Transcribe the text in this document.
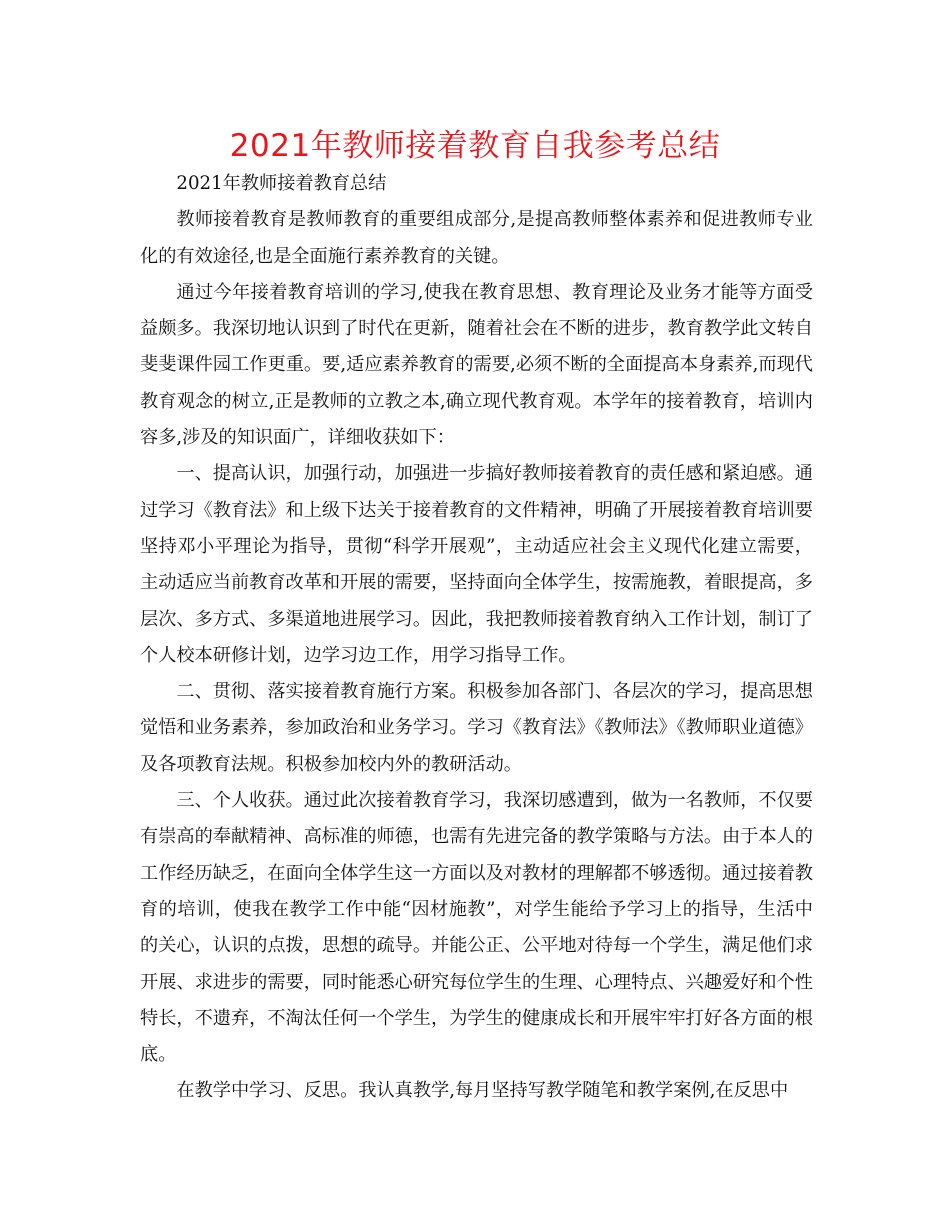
2021年教师接着教育自我参考总结

2021年教师接着教育总结

教师接着教育是教师教育的重要组成部分,是提高教师整体素养和促进教师专业化的有效途径,也是全面施行素养教育的关键。

通过今年接着教育培训的学习,使我在教育思想、教育理论及业务才能等方面受益颇多。我深切地认识到了时代在更新，随着社会在不断的进步，教育教学此文转自斐斐课件园工作更重。要,适应素养教育的需要,必须不断的全面提高本身素养,而现代教育观念的树立,正是教师的立教之本,确立现代教育观。本学年的接着教育，培训内容多,涉及的知识面广，详细收获如下：

一、提高认识，加强行动，加强进一步搞好教师接着教育的责任感和紧迫感。通过学习《教育法》和上级下达关于接着教育的文件精神，明确了开展接着教育培训要坚持邓小平理论为指导，贯彻“科学开展观”，主动适应社会主义现代化建立需要，主动适应当前教育改革和开展的需要，坚持面向全体学生，按需施教，着眼提高，多层次、多方式、多渠道地进展学习。因此，我把教师接着教育纳入工作计划，制订了个人校本研修计划，边学习边工作，用学习指导工作。

二、贯彻、落实接着教育施行方案。积极参加各部门、各层次的学习，提高思想觉悟和业务素养，参加政治和业务学习。学习《教育法》《教师法》《教师职业道德》及各项教育法规。积极参加校内外的教研活动。

三、个人收获。通过此次接着教育学习，我深切感遭到，做为一名教师，不仅要有崇高的奉献精神、高标准的师德，也需有先进完备的教学策略与方法。由于本人的工作经历缺乏，在面向全体学生这一方面以及对教材的理解都不够透彻。通过接着教育的培训，使我在教学工作中能“因材施教”，对学生能给予学习上的指导，生活中的关心，认识的点拨，思想的疏导。并能公正、公平地对待每一个学生，满足他们求开展、求进步的需要，同时能悉心研究每位学生的生理、心理特点、兴趣爱好和个性特长，不遗弃，不淘汰任何一个学生，为学生的健康成长和开展牢牢打好各方面的根底。

在教学中学习、反思。我认真教学,每月坚持写教学随笔和教学案例,在反思中
